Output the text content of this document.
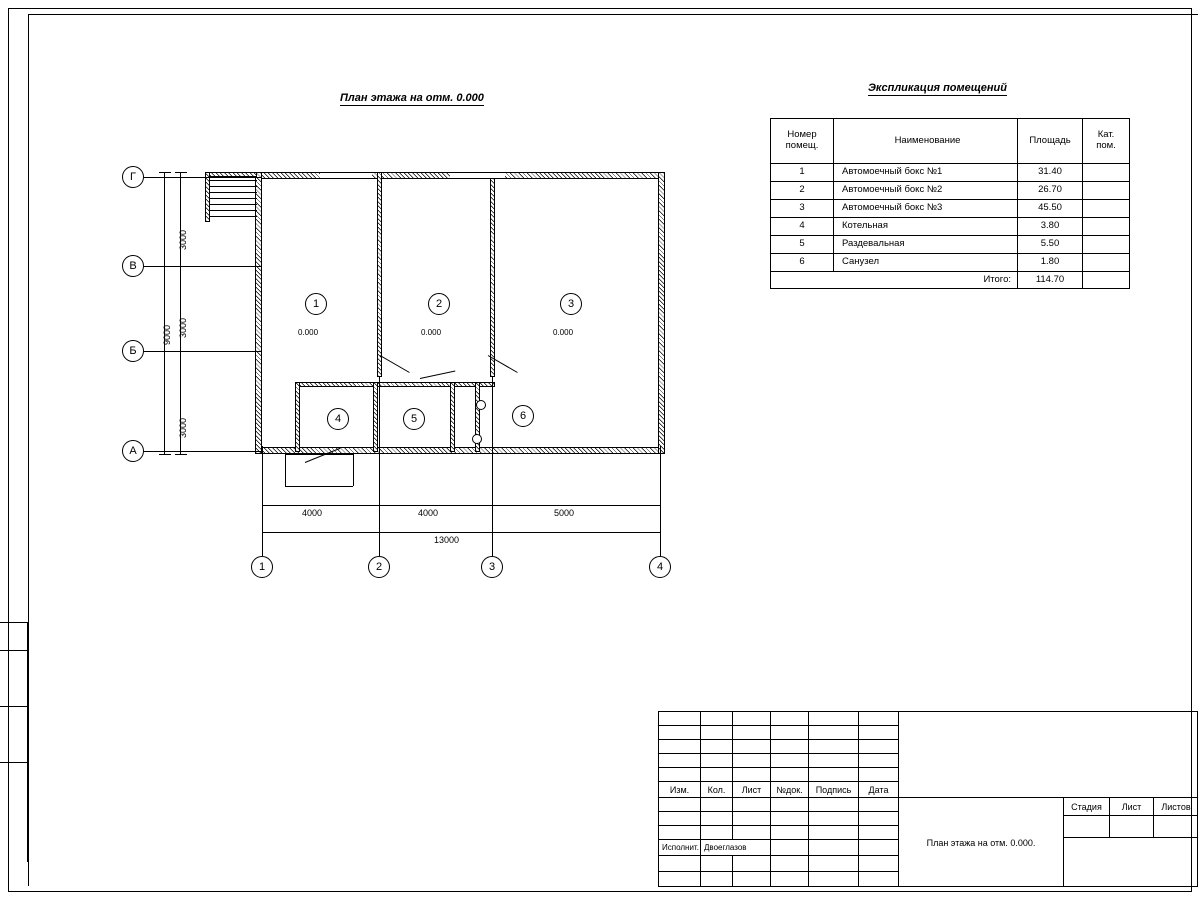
План этажа на отм. 0.000
Экспликация помещений
1
0.000
2
0.000
3
0.000
4	5	6
Г
В
Б
А
3000
3000
3000
9000
1	2	3	4
4000	4000	5000
13000
Номер
помещ.	Наименование	Площадь	Кат.
пом.
1	Автомоечный бокс №1	31.40	
2	Автомоечный бокс №2	26.70	
3	Автомоечный бокс №3	45.50	
4	Котельная	3.80	
5	Раздевальная	5.50	
6	Санузел	1.80	
Итого:		114.70	
Изм.	Кол.	Лист	№док.	Подпись	Дата
Исполнит. Двоеглазов	План этажа на отм. 0.000.
Стадия	Лист	Листов
